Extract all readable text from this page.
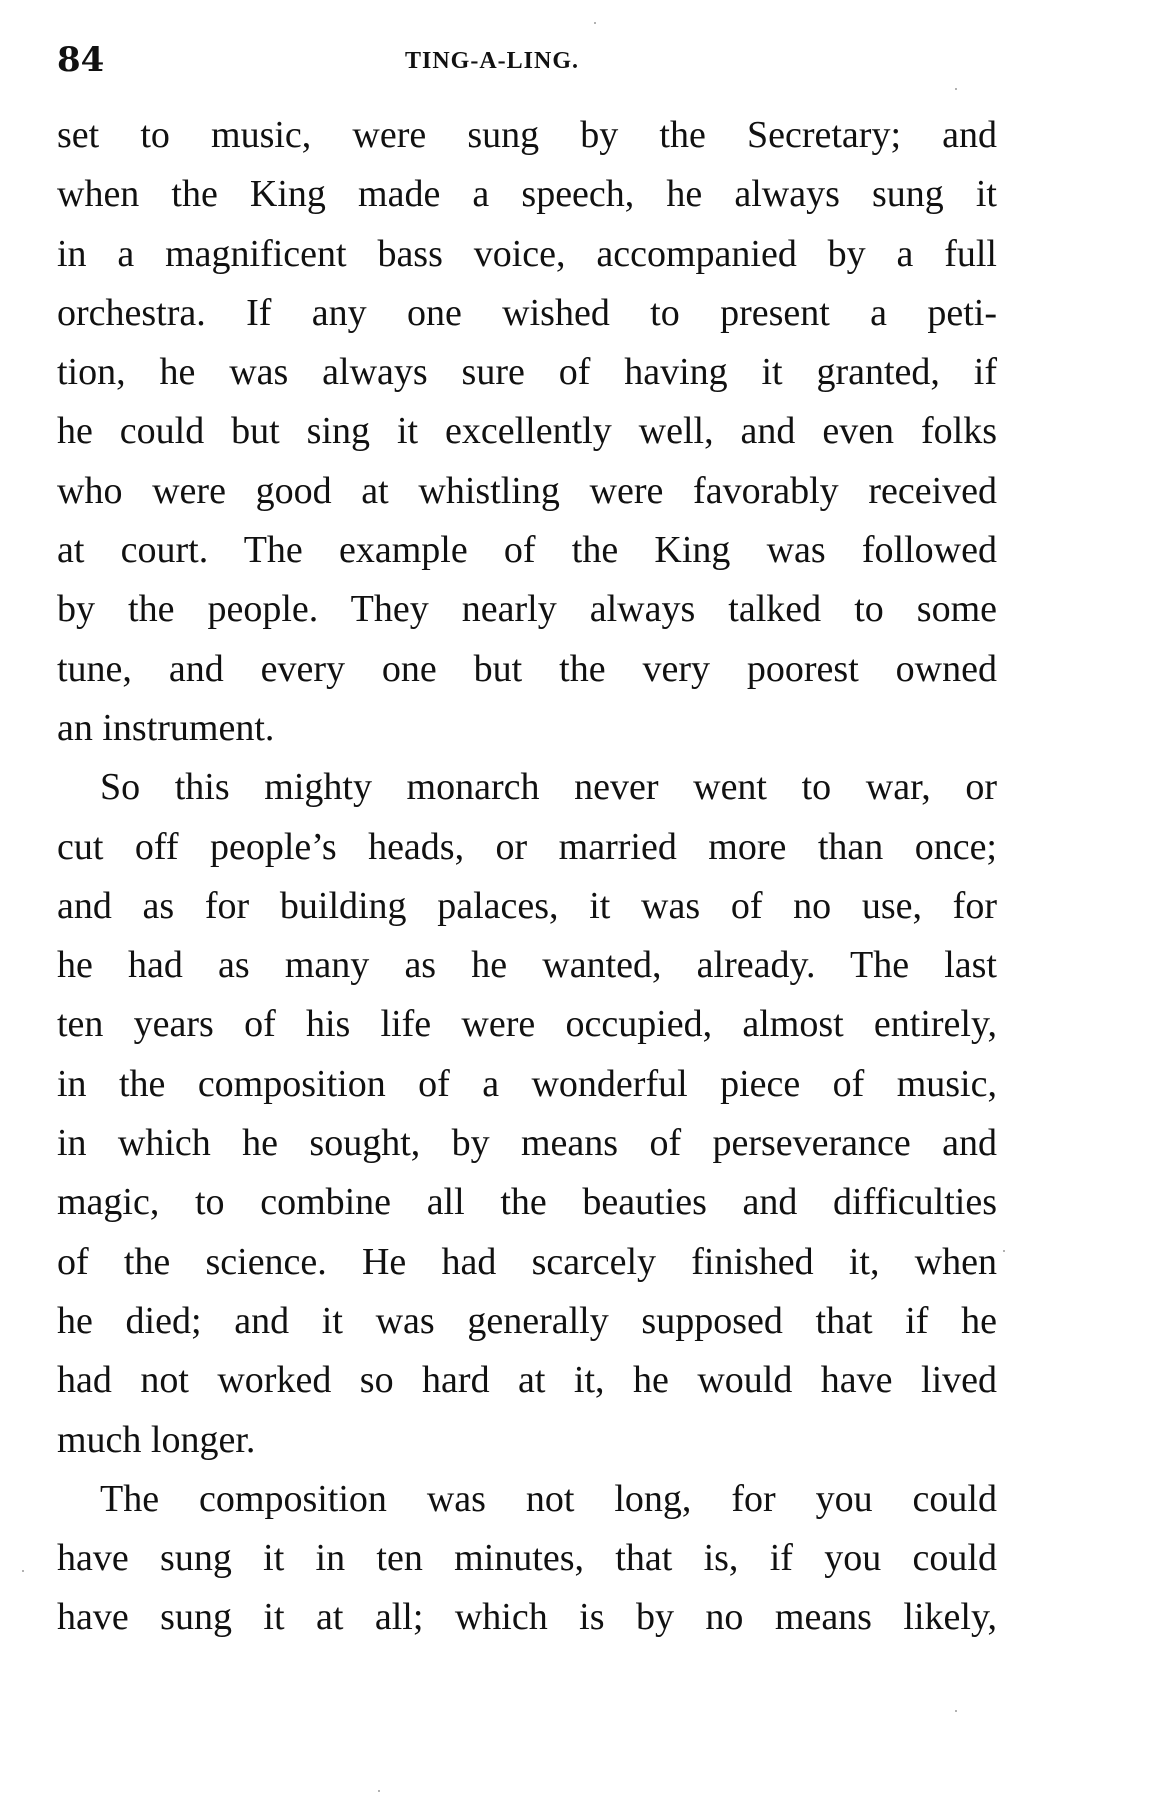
84	TING-A-LING.
set to music, were sung by the Secretary; and
when the King made a speech, he always sung it
in a magnificent bass voice, accompanied by a full
orchestra. If any one wished to present a peti-
tion, he was always sure of having it granted, if
he could but sing it excellently well, and even folks
who were good at whistling were favorably received
at court. The example of the King was followed
by the people. They nearly always talked to some
tune, and every one but the very poorest owned
an instrument.
So this mighty monarch never went to war, or
cut off people’s heads, or married more than once;
and as for building palaces, it was of no use, for
he had as many as he wanted, already. The last
ten years of his life were occupied, almost entirely,
in the composition of a wonderful piece of music,
in which he sought, by means of perseverance and
magic, to combine all the beauties and difficulties
of the science. He had scarcely finished it, when
he died; and it was generally supposed that if he
had not worked so hard at it, he would have lived
much longer.
The composition was not long, for you could
have sung it in ten minutes, that is, if you could
have sung it at all; which is by no means likely,
